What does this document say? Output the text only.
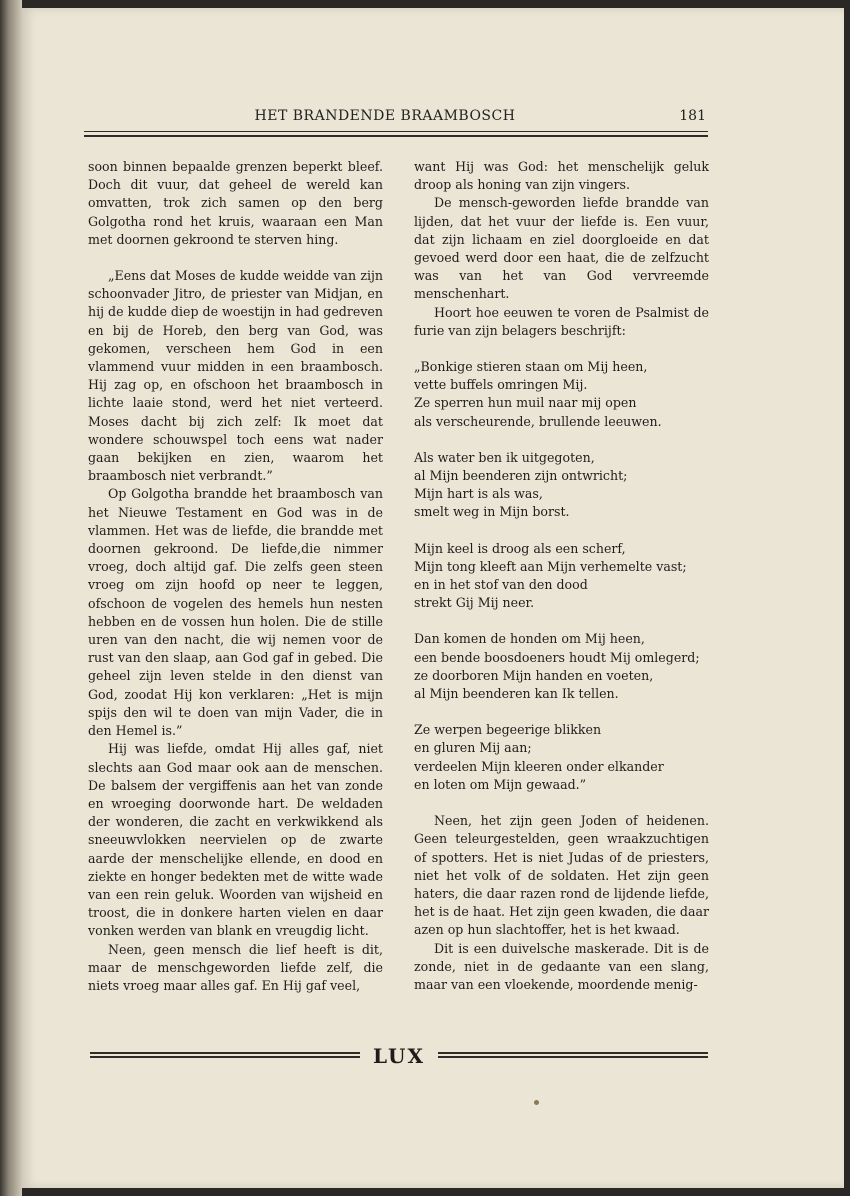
HET BRANDENDE BRAAMBOSCH	181

soon binnen bepaalde grenzen beperkt bleef. Doch dit vuur, dat geheel de wereld kan omvatten, trok zich samen op den berg Golgotha rond het kruis, waaraan een Man met doornen gekroond te sterven hing.

„Eens dat Moses de kudde weidde van zijn schoonvader Jitro, de priester van Midjan, en hij de kudde diep de woestijn in had gedreven en bij de Horeb, den berg van God, was gekomen, verscheen hem God in een vlammend vuur midden in een braambosch. Hij zag op, en ofschoon het braambosch in lichte laaie stond, werd het niet verteerd. Moses dacht bij zich zelf: Ik moet dat wondere schouwspel toch eens wat nader gaan bekijken en zien, waarom het braambosch niet verbrandt.”

Op Golgotha brandde het braambosch van het Nieuwe Testament en God was in de vlammen. Het was de liefde, die brandde met doornen gekroond. De liefde,die nimmer vroeg, doch altijd gaf. Die zelfs geen steen vroeg om zijn hoofd op neer te leggen, ofschoon de vogelen des hemels hun nesten hebben en de vossen hun holen. Die de stille uren van den nacht, die wij nemen voor de rust van den slaap, aan God gaf in gebed. Die geheel zijn leven stelde in den dienst van God, zoodat Hij kon verklaren: „Het is mijn spijs den wil te doen van mijn Vader, die in den Hemel is.”

Hij was liefde, omdat Hij alles gaf, niet slechts aan God maar ook aan de menschen. De balsem der vergiffenis aan het van zonde en wroeging doorwonde hart. De weldaden der wonderen, die zacht en verkwikkend als sneeuwvlokken neervielen op de zwarte aarde der menschelijke ellende, en dood en ziekte en honger bedekten met de witte wade van een rein geluk. Woorden van wijsheid en troost, die in donkere harten vielen en daar vonken werden van blank en vreugdig licht.

Neen, geen mensch die lief heeft is dit, maar de menschgeworden liefde zelf, die niets vroeg maar alles gaf. En Hij gaf veel,

want Hij was God: het menschelijk geluk droop als honing van zijn vingers.

De mensch-geworden liefde brandde van lijden, dat het vuur der liefde is. Een vuur, dat zijn lichaam en ziel doorgloeide en dat gevoed werd door een haat, die de zelfzucht was van het van God vervreemde menschenhart.

Hoort hoe eeuwen te voren de Psalmist de furie van zijn belagers beschrijft:

„Bonkige stieren staan om Mij heen,
vette buffels omringen Mij.
Ze sperren hun muil naar mij open
als verscheurende, brullende leeuwen.
Als water ben ik uitgegoten,
al Mijn beenderen zijn ontwricht;
Mijn hart is als was,
smelt weg in Mijn borst.
Mijn keel is droog als een scherf,
Mijn tong kleeft aan Mijn verhemelte vast;
en in het stof van den dood
strekt Gij Mij neer.
Dan komen de honden om Mij heen,
een bende boosdoeners houdt Mij omlegerd;
ze doorboren Mijn handen en voeten,
al Mijn beenderen kan Ik tellen.
Ze werpen begeerige blikken
en gluren Mij aan;
verdeelen Mijn kleeren onder elkander
en loten om Mijn gewaad.”

Neen, het zijn geen Joden of heidenen. Geen teleurgestelden, geen wraakzuchtigen of spotters. Het is niet Judas of de priesters, niet het volk of de soldaten. Het zijn geen haters, die daar razen rond de lijdende liefde, het is de haat. Het zijn geen kwaden, die daar azen op hun slachtoffer, het is het kwaad.

Dit is een duivelsche maskerade. Dit is de zonde, niet in de gedaante van een slang, maar van een vloekende, moordende menig-

LUX
